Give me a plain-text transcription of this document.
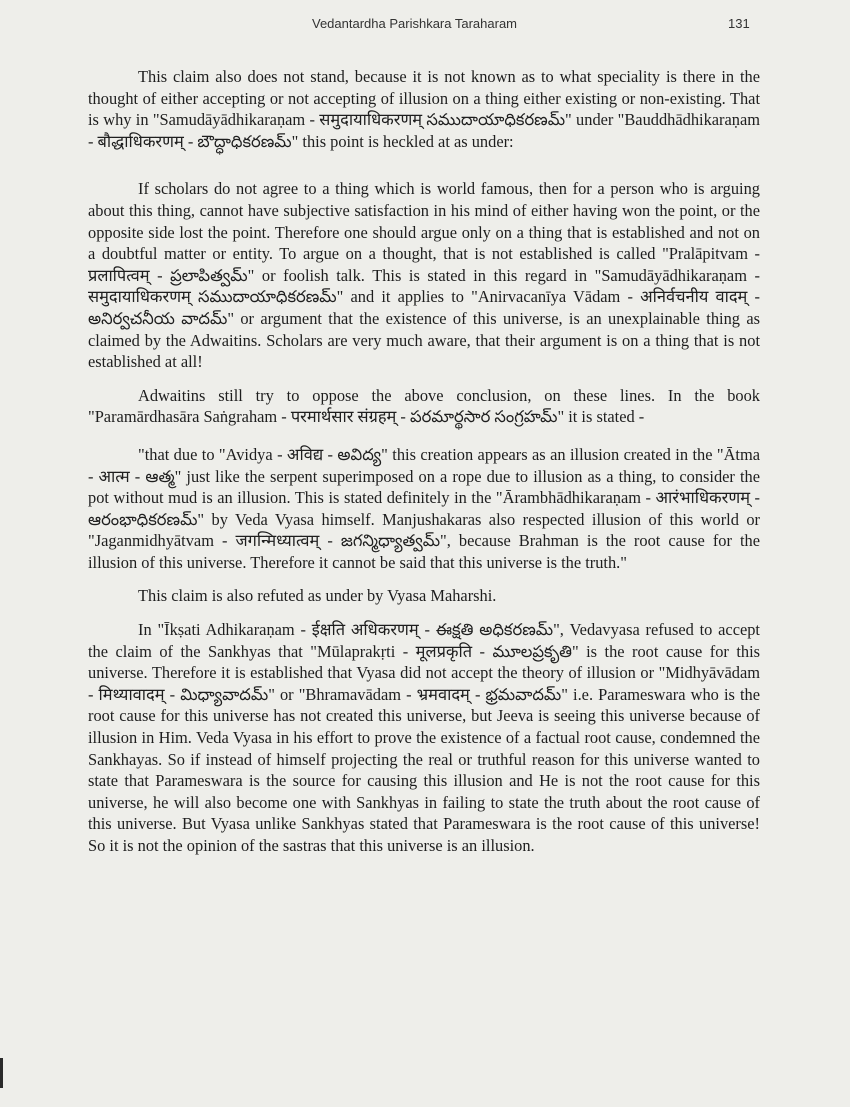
Vedantardha Parishkara Taraharam	131

This claim also does not stand, because it is not known as to what speciality is there in the thought of either accepting or not accepting of illusion on a thing either existing or non-existing. That is why in "Samudāyādhikaraṇam - समुदायाधिकरणम् సముదాయాధికరణమ్" under "Bauddhādhikaraṇam - बौद्धाधिकरणम् - బౌద్ధాధికరణమ్" this point is heckled at as under:

If scholars do not agree to a thing which is world famous, then for a person who is arguing about this thing, cannot have subjective satisfaction in his mind of either having won the point, or the opposite side lost the point. Therefore one should argue only on a thing that is established and not on a doubtful matter or entity. To argue on a thought, that is not established is called "Pralāpitvam - प्रलापित्वम् - ప్రలాపిత్వమ్" or foolish talk. This is stated in this regard in "Samudāyādhikaraṇam - समुदायाधिकरणम् సముదాయాధికరణమ్" and it applies to "Anirvacanīya Vādam - अनिर्वचनीय वादम् - అనిర్వచనీయ వాదమ్" or argument that the existence of this universe, is an unexplainable thing as claimed by the Adwaitins. Scholars are very much aware, that their argument is on a thing that is not established at all!

Adwaitins still try to oppose the above conclusion, on these lines. In the book "Paramārdhasāra Saṅgraham - परमार्थसार संग्रहम् - పరమార్థసార సంగ్రహమ్" it is stated -

"that due to "Avidya - अविद्य - అవిద్య" this creation appears as an illusion created in the "Ātma - आत्म - ఆత్మ" just like the serpent superimposed on a rope due to illusion as a thing, to consider the pot without mud is an illusion. This is stated definitely in the "Ārambhādhikaraṇam - आरंभाधिकरणम् - ఆరంభాధికరణమ్" by Veda Vyasa himself. Manjushakaras also respected illusion of this world or "Jaganmidhyātvam - जगन्मिध्यात्वम् - జగన్మిధ్యాత్వమ్", because Brahman is the root cause for the illusion of this universe. Therefore it cannot be said that this universe is the truth."

This claim is also refuted as under by Vyasa Maharshi.

In "Īkṣati Adhikaraṇam - ईक्षति अधिकरणम् - ఈక్షతి అధికరణమ్", Vedavyasa refused to accept the claim of the Sankhyas that "Mūlaprakṛti - मूलप्रकृति - మూలప్రకృతి" is the root cause for this universe. Therefore it is established that Vyasa did not accept the theory of illusion or "Midhyāvādam - मिथ्यावादम् - మిధ్యావాదమ్" or "Bhramavādam - भ्रमवादम् - భ్రమవాదమ్" i.e. Parameswara who is the root cause for this universe has not created this universe, but Jeeva is seeing this universe because of illusion in Him. Veda Vyasa in his effort to prove the existence of a factual root cause, condemned the Sankhayas. So if instead of himself projecting the real or truthful reason for this universe wanted to state that Parameswara is the source for causing this illusion and He is not the root cause for this universe, he will also become one with Sankhyas in failing to state the truth about the root cause of this universe. But Vyasa unlike Sankhyas stated that Parameswara is the root cause of this universe! So it is not the opinion of the sastras that this universe is an illusion.
